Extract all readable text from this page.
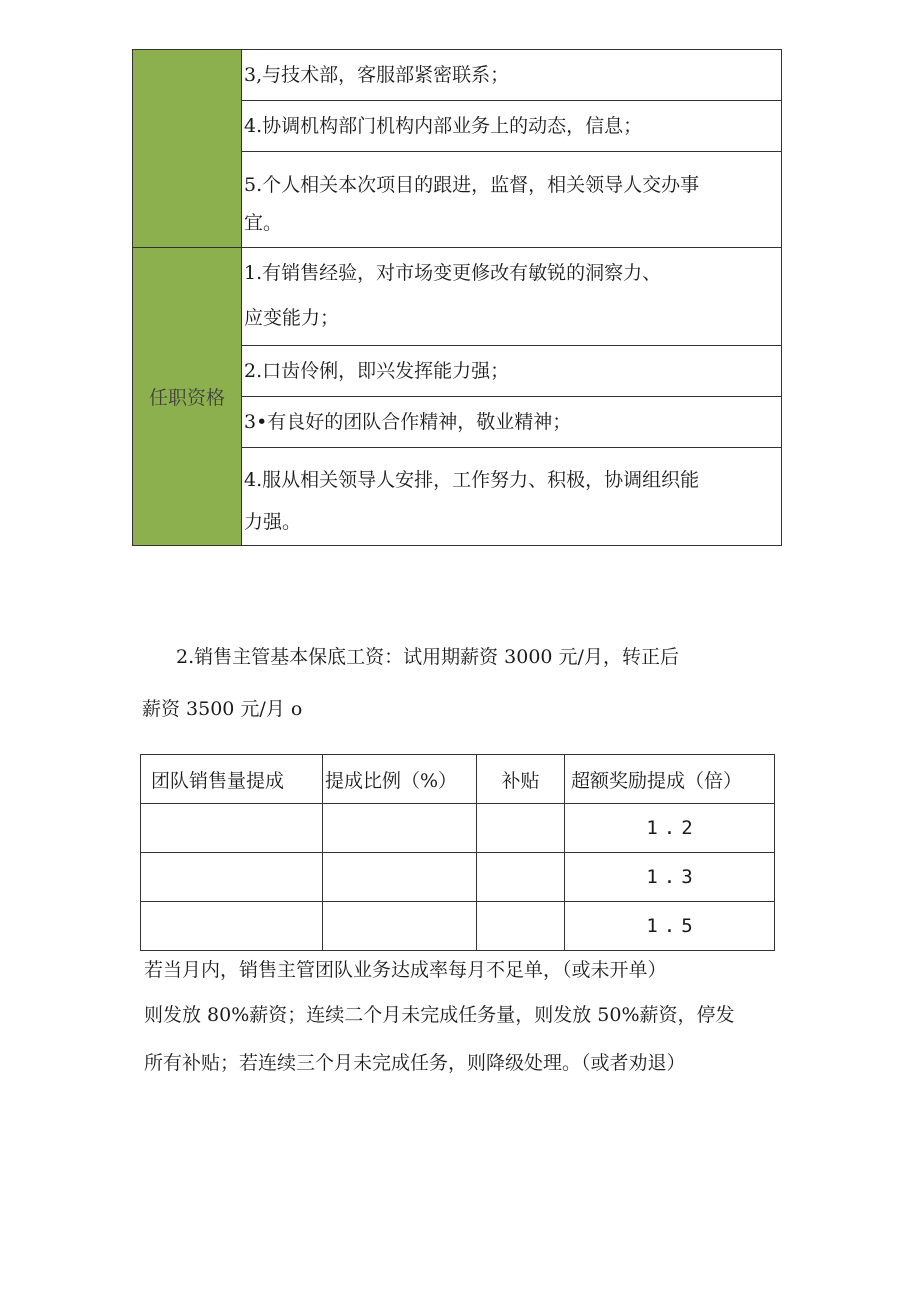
	3,与技术部，客服部紧密联系；
	4.协调机构部门机构内部业务上的动态，信息；

	5.个人相关本次项目的跟进，监督，相关领导人交办事
宜。

任职资格	1.有销售经验，对市场变更修改有敏锐的洞察力、
应变能力；

	2.口齿伶俐，即兴发挥能力强；
	3•有良好的团队合作精神，敬业精神；

	4.服从相关领导人安排，工作努力、积极，协调组织能
力强。
2.销售主管基本保底工资：试用期薪资 3000 元/月，转正后
薪资 3500 元/月 o
团队销售量提成	提成比例（%）	补贴	超额奖励提成（倍）
			1.2
			1.3
			1.5
若当月内，销售主管团队业务达成率每月不足单，（或未开单）
则发放 80%薪资；连续二个月未完成任务量，则发放 50%薪资，停发
所有补贴；若连续三个月未完成任务，则降级处理。（或者劝退）
